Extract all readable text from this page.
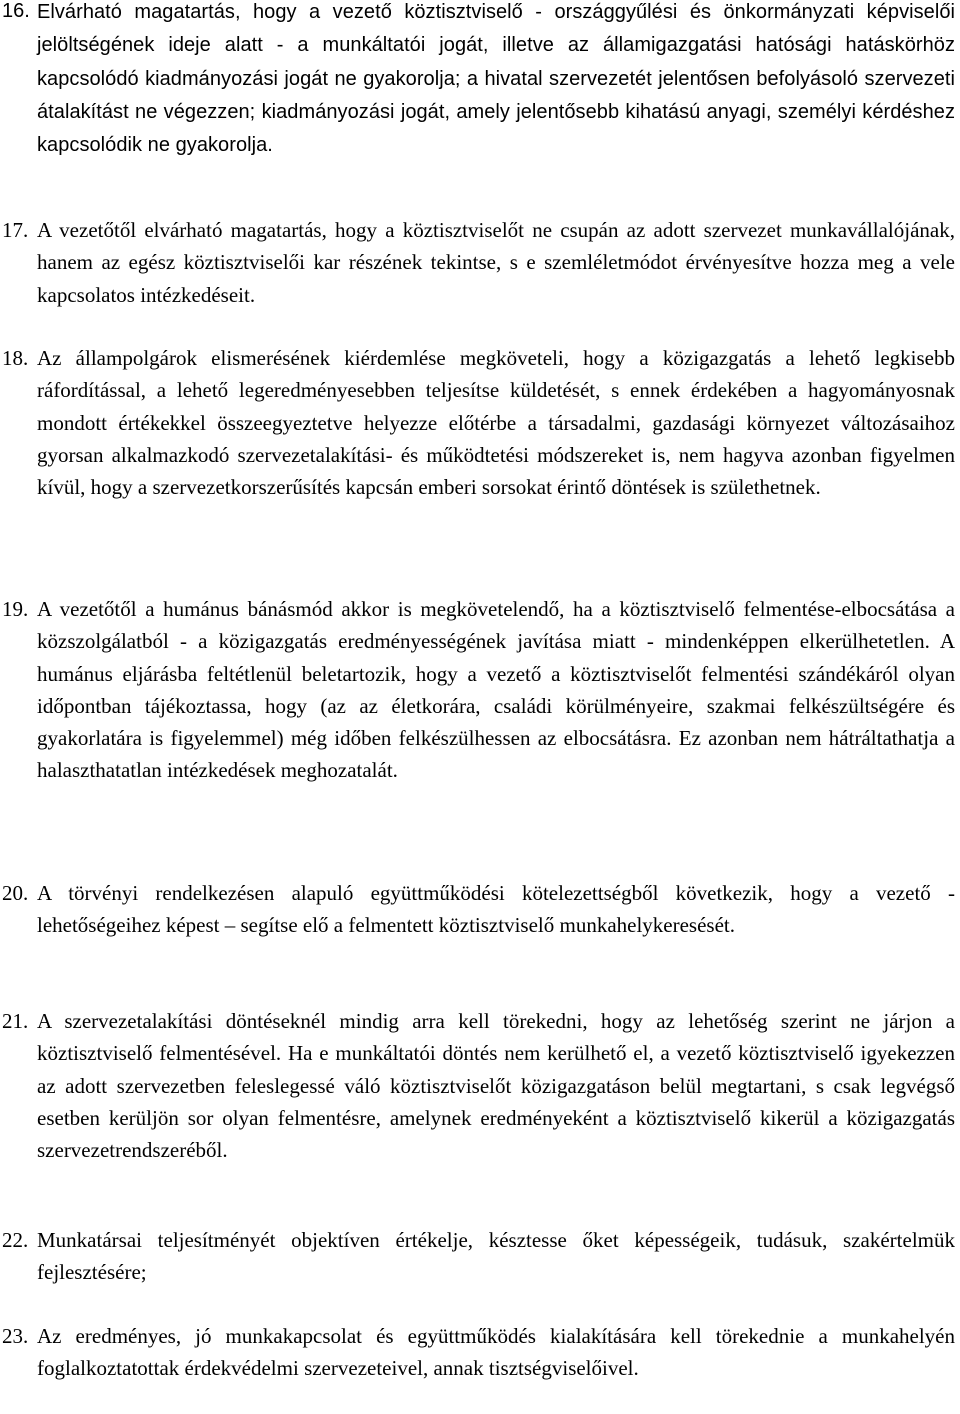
16. Elvárható magatartás, hogy a vezető köztisztviselő - országgyűlési és önkormányzati képviselői jelöltségének ideje alatt - a munkáltatói jogát, illetve az államigazgatási hatósági hatáskörhöz kapcsolódó kiadmányozási jogát ne gyakorolja; a hivatal szervezetét jelentősen befolyásoló szervezeti átalakítást ne végezzen; kiadmányozási jogát, amely jelentősebb kihatású anyagi, személyi kérdéshez kapcsolódik ne gyakorolja.
17. A vezetőtől elvárható magatartás, hogy a köztisztviselőt ne csupán az adott szervezet munkavállalójának, hanem az egész köztisztviselői kar részének tekintse, s e szemléletmódot érvényesítve hozza meg a vele kapcsolatos intézkedéseit.
18. Az állampolgárok elismerésének kiérdemlése megköveteli, hogy a közigazgatás a lehető legkisebb ráfordítással, a lehető legeredményesebben teljesítse küldetését, s ennek érdekében a hagyományosnak mondott értékekkel összeegyeztetve helyezze előtérbe a társadalmi, gazdasági környezet változásaihoz gyorsan alkalmazkodó szervezetalakítási- és működtetési módszereket is, nem hagyva azonban figyelmen kívül, hogy a szervezetkorszerűsítés kapcsán emberi sorsokat érintő döntések is születhetnek.
19. A vezetőtől a humánus bánásmód akkor is megkövetelendő, ha a köztisztviselő felmentése-elbocsátása a közszolgálatból - a közigazgatás eredményességének javítása miatt - mindenképpen elkerülhetetlen. A humánus eljárásba feltétlenül beletartozik, hogy a vezető a köztisztviselőt felmentési szándékáról olyan időpontban tájékoztassa, hogy (az az életkorára, családi körülményeire, szakmai felkészültségére és gyakorlatára is figyelemmel) még időben felkészülhessen az elbocsátásra. Ez azonban nem hátráltathatja a halaszthatatlan intézkedések meghozatalát.
20. A törvényi rendelkezésen alapuló együttműködési kötelezettségből következik, hogy a vezető - lehetőségeihez képest – segítse elő a felmentett köztisztviselő munkahelykeresését.
21. A szervezetalakítási döntéseknél mindig arra kell törekedni, hogy az lehetőség szerint ne járjon a köztisztviselő felmentésével. Ha e munkáltatói döntés nem kerülhető el, a vezető köztisztviselő igyekezzen az adott szervezetben feleslegessé váló köztisztviselőt közigazgatáson belül megtartani, s csak legvégső esetben kerüljön sor olyan felmentésre, amelynek eredményeként a köztisztviselő kikerül a közigazgatás szervezetrendszeréből.
22. Munkatársai teljesítményét objektíven értékelje, késztesse őket képességeik, tudásuk, szakértelmük fejlesztésére;
23. Az eredményes, jó munkakapcsolat és együttműködés kialakítására kell törekednie a munkahelyén foglalkoztatottak érdekvédelmi szervezeteivel, annak tisztségviselőivel.
